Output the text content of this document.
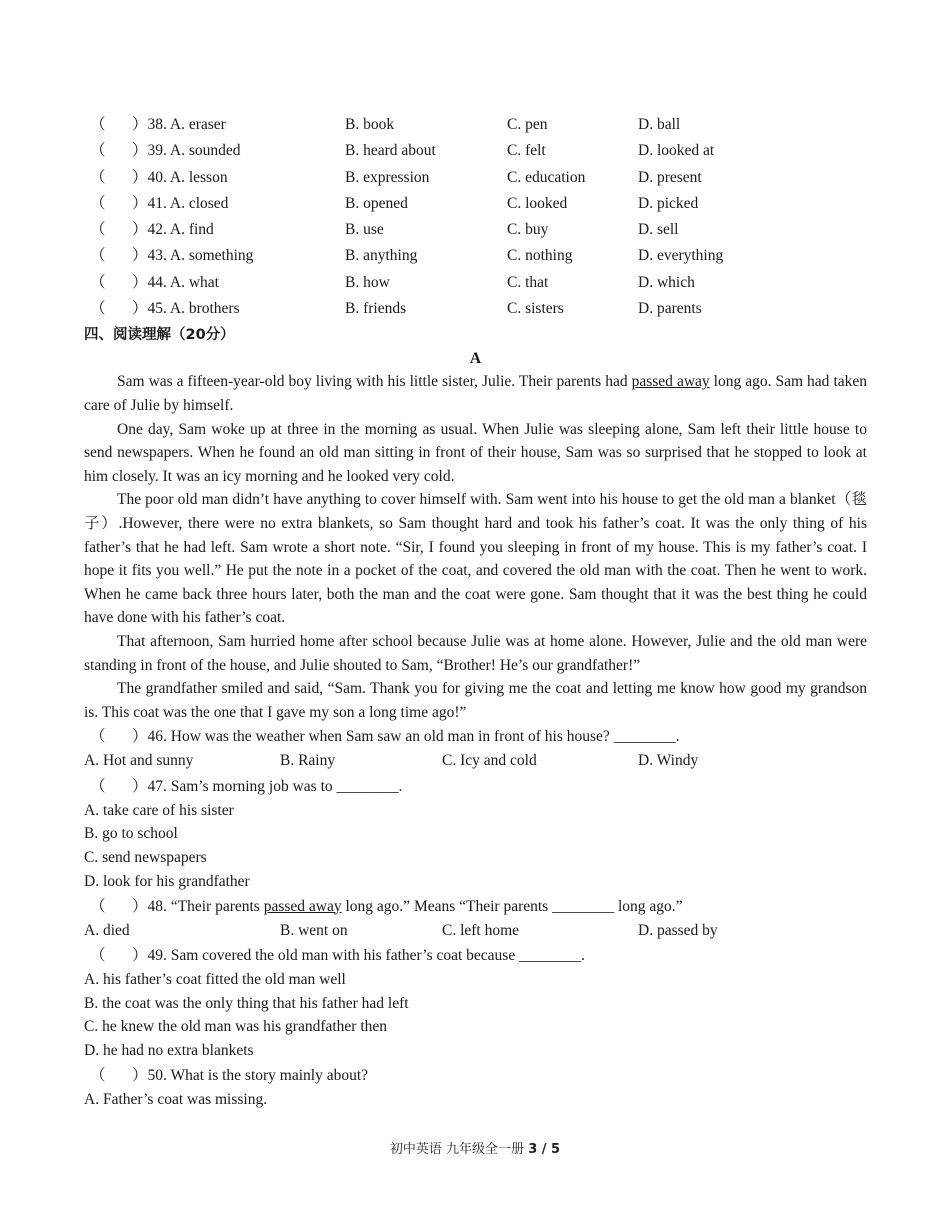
（ ）38. A. eraser	B. book	C. pen	D. ball
（ ）39. A. sounded	B. heard about	C. felt	D. looked at
（ ）40. A. lesson	B. expression	C. education	D. present
（ ）41. A. closed	B. opened	C. looked	D. picked
（ ）42. A. find	B. use	C. buy	D. sell
（ ）43. A. something	B. anything	C. nothing	D. everything
（ ）44. A. what	B. how	C. that	D. which
（ ）45. A. brothers	B. friends	C. sisters	D. parents
四、阅读理解（20分）
A

Sam was a fifteen-year-old boy living with his little sister, Julie. Their parents had passed away long ago. Sam had taken care of Julie by himself.

One day, Sam woke up at three in the morning as usual. When Julie was sleeping alone, Sam left their little house to send newspapers. When he found an old man sitting in front of their house, Sam was so surprised that he stopped to look at him closely. It was an icy morning and he looked very cold.

The poor old man didn’t have anything to cover himself with. Sam went into his house to get the old man a blanket（毯子）.However, there were no extra blankets, so Sam thought hard and took his father’s coat. It was the only thing of his father’s that he had left. Sam wrote a short note. “Sir, I found you sleeping in front of my house. This is my father’s coat. I hope it fits you well.” He put the note in a pocket of the coat, and covered the old man with the coat. Then he went to work. When he came back three hours later, both the man and the coat were gone. Sam thought that it was the best thing he could have done with his father’s coat.

That afternoon, Sam hurried home after school because Julie was at home alone. However, Julie and the old man were standing in front of the house, and Julie shouted to Sam, “Brother! He’s our grandfather!”

The grandfather smiled and said, “Sam. Thank you for giving me the coat and letting me know how good my grandson is. This coat was the one that I gave my son a long time ago!”

（ ）46. How was the weather when Sam saw an old man in front of his house? ________.
A. Hot and sunny	B. Rainy	C. Icy and cold	D. Windy
（ ）47. Sam’s morning job was to ________.
A. take care of his sister
B. go to school
C. send newspapers
D. look for his grandfather
（ ）48. “Their parents passed away long ago.” Means “Their parents ________ long ago.”
A. died	B. went on	C. left home	D. passed by
（ ）49. Sam covered the old man with his father’s coat because ________.
A. his father’s coat fitted the old man well
B. the coat was the only thing that his father had left
C. he knew the old man was his grandfather then
D. he had no extra blankets
（ ）50. What is the story mainly about?
A. Father’s coat was missing.
初中英语 九年级全一册 3 / 5
